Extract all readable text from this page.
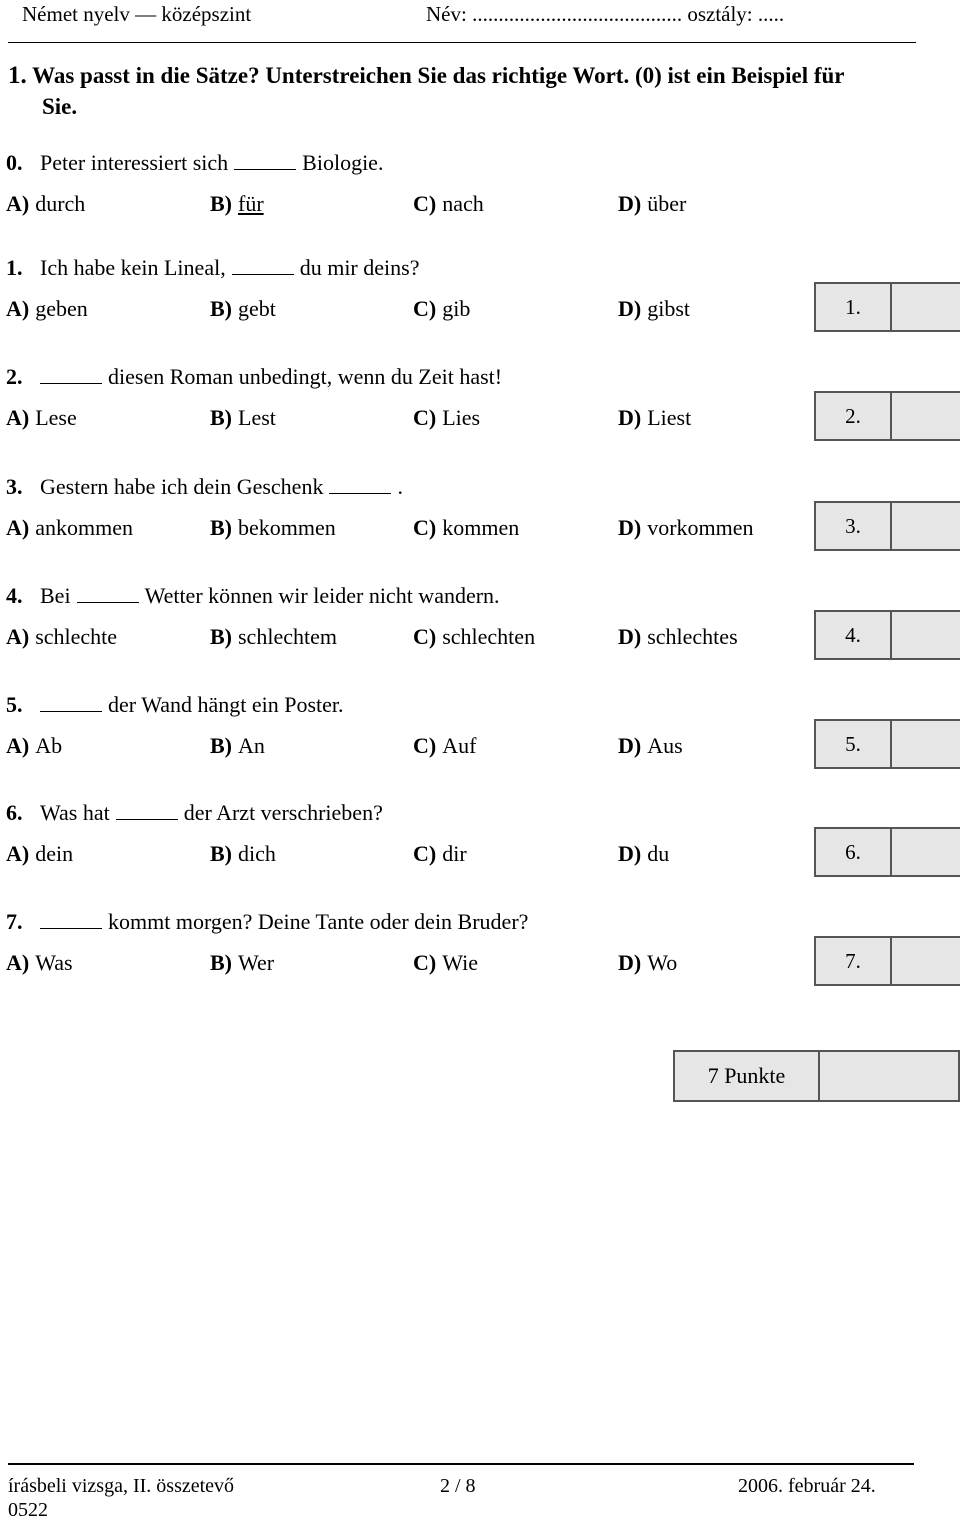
Német nyelv — középszint	Név: ........................................ osztály: .....
1. Was passt in die Sätze? Unterstreichen Sie das richtige Wort. (0) ist ein Beispiel für
Sie.
0. Peter interessiert sich	Biologie.
A) durch	B) für	C) nach	D) über
1. Ich habe kein Lineal,	du mir deins?
A) geben	B) gebt	C) gib	D) gibst	1.
2.	diesen Roman unbedingt, wenn du Zeit hast!
A) Lese	B) Lest	C) Lies	D) Liest	2.
3. Gestern habe ich dein Geschenk	.
A) ankommen	B) bekommen	C) kommen	D) vorkommen	3.
4. Bei	Wetter können wir leider nicht wandern.
A) schlechte	B) schlechtem	C) schlechten	D) schlechtes	4.
5.	der Wand hängt ein Poster.
A) Ab	B) An	C) Auf	D) Aus	5.
6. Was hat	der Arzt verschrieben?
A) dein	B) dich	C) dir	D) du	6.
7.	kommt morgen? Deine Tante oder dein Bruder?
A) Was	B) Wer	C) Wie	D) Wo	7.
7 Punkte
írásbeli vizsga, II. összetevő
0522
2 / 8	2006. február 24.
